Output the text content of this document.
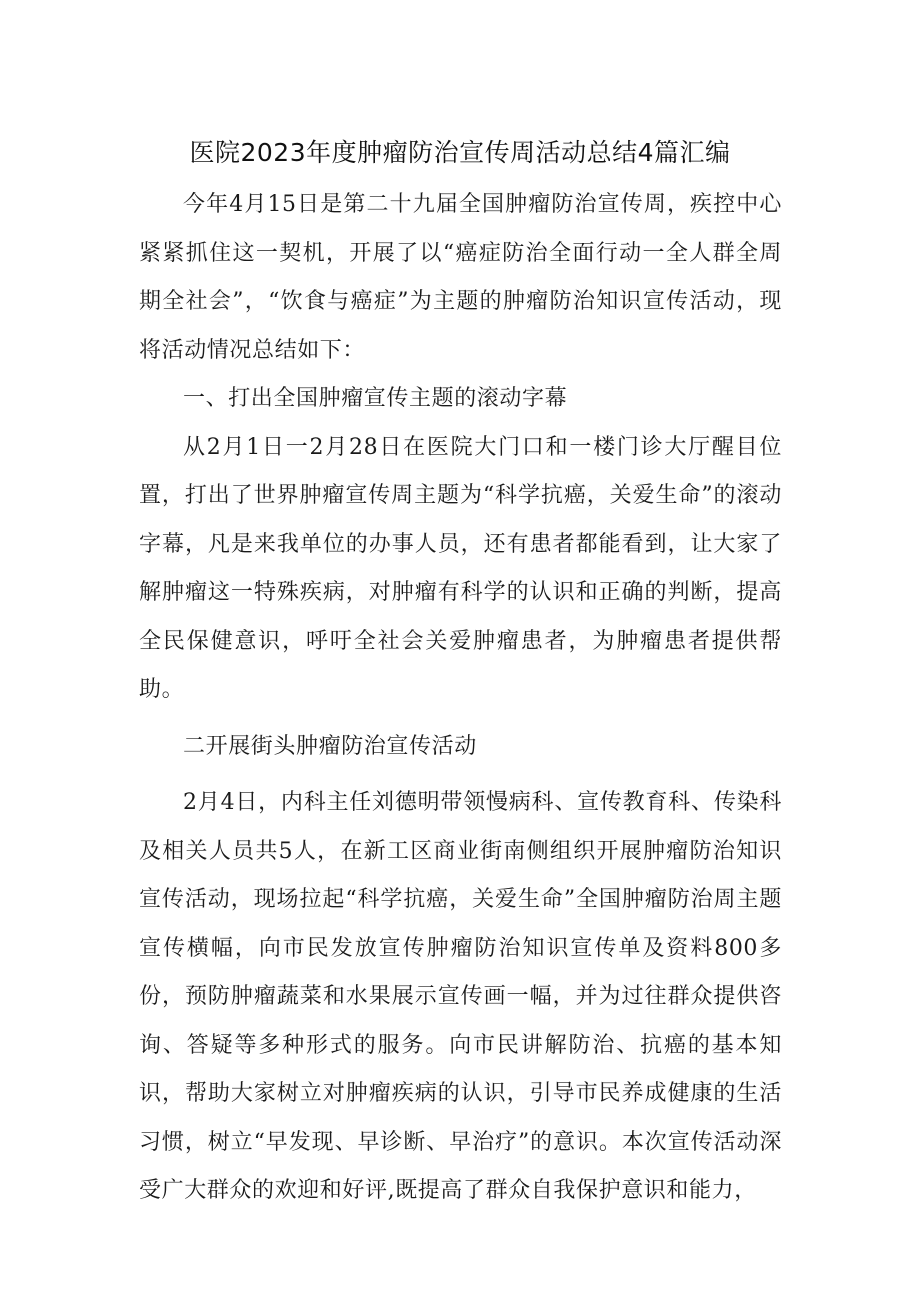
医院2023年度肿瘤防治宣传周活动总结4篇汇编

今年4月15日是第二十九届全国肿瘤防治宣传周，疾控中心紧紧抓住这一契机，开展了以“癌症防治全面行动一全人群全周期全社会”，“饮食与癌症”为主题的肿瘤防治知识宣传活动，现将活动情况总结如下：

一、打出全国肿瘤宣传主题的滚动字幕

从2月1日一2月28日在医院大门口和一楼门诊大厅醒目位置，打出了世界肿瘤宣传周主题为“科学抗癌，关爱生命”的滚动字幕，凡是来我单位的办事人员，还有患者都能看到，让大家了解肿瘤这一特殊疾病，对肿瘤有科学的认识和正确的判断，提高全民保健意识，呼吁全社会关爱肿瘤患者，为肿瘤患者提供帮助。

二开展街头肿瘤防治宣传活动

2月4日，内科主任刘德明带领慢病科、宣传教育科、传染科及相关人员共5人，在新工区商业街南侧组织开展肿瘤防治知识宣传活动，现场拉起“科学抗癌，关爱生命”全国肿瘤防治周主题宣传横幅，向市民发放宣传肿瘤防治知识宣传单及资料800多份，预防肿瘤蔬菜和水果展示宣传画一幅，并为过往群众提供咨询、答疑等多种形式的服务。向市民讲解防治、抗癌的基本知识，帮助大家树立对肿瘤疾病的认识，引导市民养成健康的生活习惯，树立“早发现、早诊断、早治疗”的意识。本次宣传活动深受广大群众的欢迎和好评,既提高了群众自我保护意识和能力，
